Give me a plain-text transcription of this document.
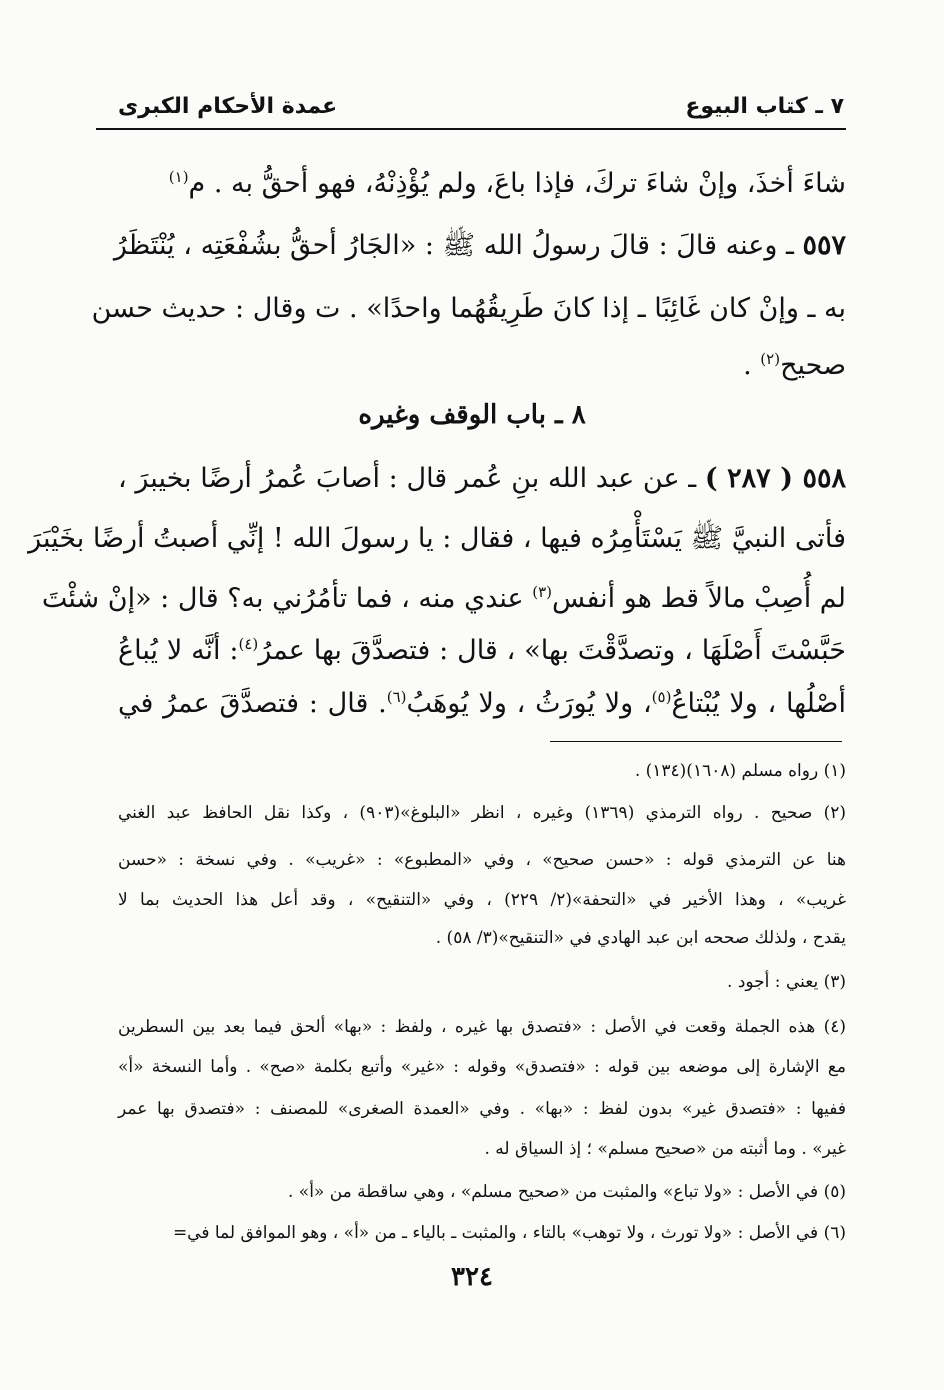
٧ ـ كتاب البيوع
عمدة الأحكام الكبرى
شاءَ أخذَ، وإنْ شاءَ تركَ، فإذا باعَ، ولم يُؤْذِنْهُ، فهو أحقُّ به . م$^{(١)}$
٥٥٧ ـ وعنه قالَ : قالَ رسولُ الله ﷺ : «الجَارُ أحقُّ بشُفْعَتِه ، يُنْتَظَرُ
به ـ وإنْ كان غَائِبًا ـ إذا كانَ طَرِيقُهُما واحدًا» . ت وقال : حديث حسن
صحيح$^{(٢)}$ .
٨ ـ باب الوقف وغيره
٥٥٨ ( ٢٨٧ ) ـ عن عبد الله بنِ عُمر قال : أصابَ عُمرُ أرضًا بخيبرَ ،
فأتى النبيَّ ﷺ يَسْتَأْمِرُه فيها ، فقال : يا رسولَ الله ! إنِّي أصبتُ أرضًا بخَيْبَرَ
لم أُصِبْ مالاً قط هو أنفس$^{(٣)}$ عندي منه ، فما تأمُرُني به؟ قال : «إنْ شئْتَ
حَبَّسْتَ أَصْلَهَا ، وتصدَّقْتَ بها» ، قال : فتصدَّقَ بها عمرُ$^{(٤)}$: أنَّه لا يُباعُ
أصْلُها ، ولا يُبْتاعُ$^{(٥)}$، ولا يُورَثُ ، ولا يُوهَبُ$^{(٦)}$. قال : فتصدَّقَ عمرُ في
(١) رواه مسلم (١٦٠٨)(١٣٤) .
(٢) صحيح . رواه الترمذي (١٣٦٩) وغيره ، انظر «البلوغ»(٩٠٣) ، وكذا نقل الحافظ عبد الغني
هنا عن الترمذي قوله : «حسن صحيح» ، وفي «المطبوع» : «غريب» . وفي نسخة : «حسن
غريب» ، وهذا الأخير في «التحفة»(٢/ ٢٢٩) ، وفي «التنقيح» ، وقد أعل هذا الحديث بما لا
يقدح ، ولذلك صححه ابن عبد الهادي في «التنقيح»(٣/ ٥٨) .
(٣) يعني : أجود .
(٤) هذه الجملة وقعت في الأصل : «فتصدق بها غيره ، ولفظ : «بها» ألحق فيما بعد بين السطرين
مع الإشارة إلى موضعه بين قوله : «فتصدق» وقوله : «غير» وأتبع بكلمة «صح» . وأما النسخة «أ»
ففيها : «فتصدق غير» بدون لفظ : «بها» . وفي «العمدة الصغرى» للمصنف : «فتصدق بها عمر
غير» . وما أثبته من «صحيح مسلم» ؛ إذ السياق له .
(٥) في الأصل : «ولا تباع» والمثبت من «صحيح مسلم» ، وهي ساقطة من «أ» .
(٦) في الأصل : «ولا تورث ، ولا توهب» بالتاء ، والمثبت ـ بالياء ـ من «أ» ، وهو الموافق لما في=
٣٢٤
